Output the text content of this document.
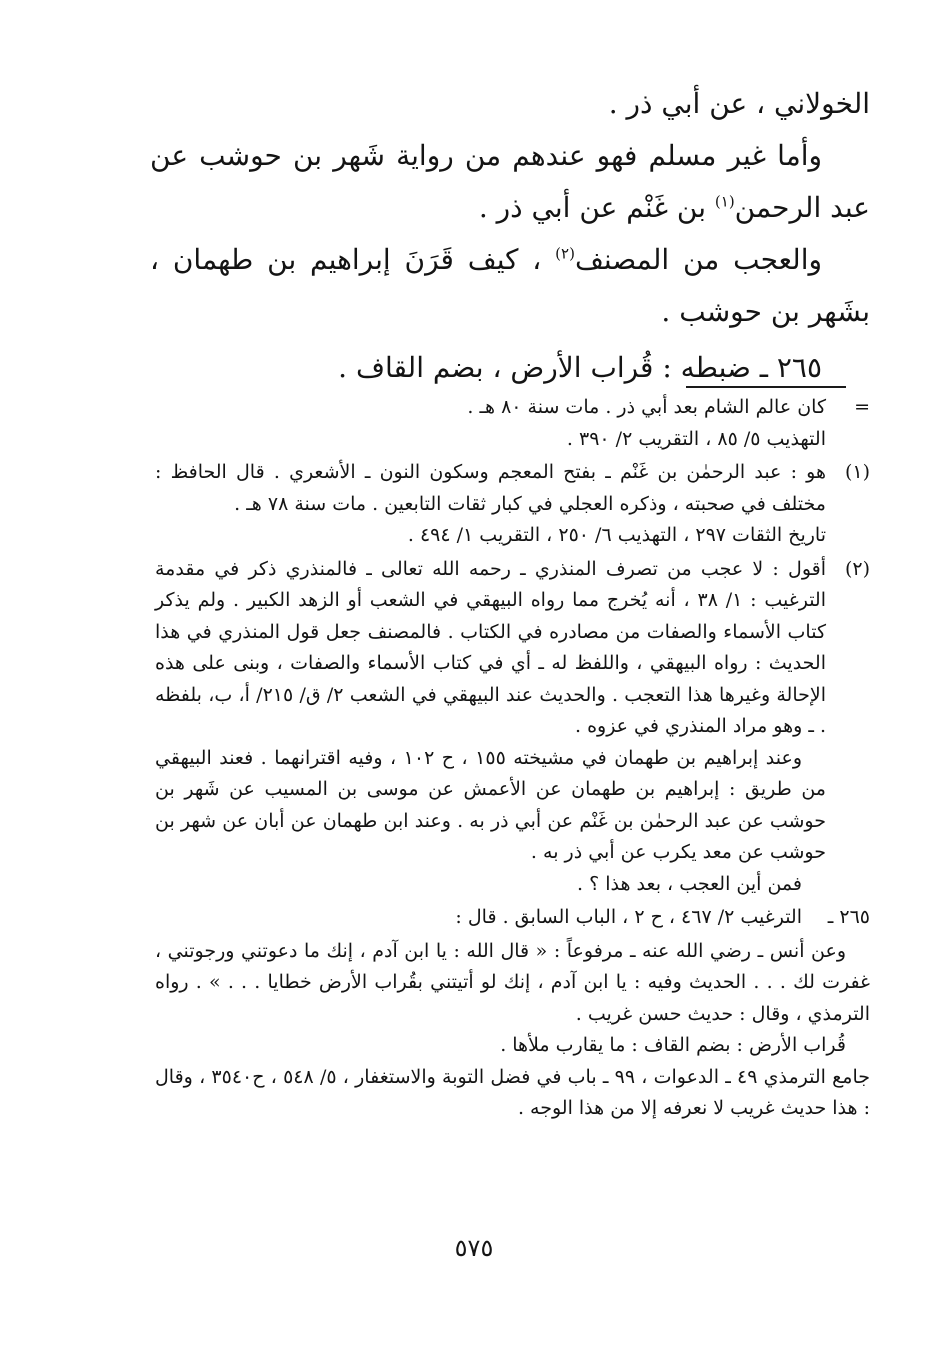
الخولاني ، عن أبي ذر .

وأما غير مسلم فهو عندهم من رواية شَهر بن حوشب عن عبد الرحمن$^{(١)}$ بن غَنْم عن أبي ذر .

والعجب من المصنف$^{(٢)}$ ، كيف قَرَنَ إبراهيم بن طهمان ، بشَهر بن حوشب .

٢٦٥ ـ ضبطه : قُراب الأرض ، بضم القاف .

=

كان عالم الشام بعد أبي ذر . مات سنة ٨٠ هـ .

التهذيب ٥/ ٨٥ ، التقريب ٢/ ٣٩٠ .

(١)

هو : عبد الرحمٰن بن غَنْم ـ بفتح المعجم وسكون النون ـ الأشعري . قال الحافظ : مختلف في صحبته ، وذكره العجلي في كبار ثقات التابعين . مات سنة ٧٨ هـ .

تاريخ الثقات ٢٩٧ ، التهذيب ٦/ ٢٥٠ ، التقريب ١/ ٤٩٤ .

(٢)

أقول : لا عجب من تصرف المنذري ـ رحمه الله تعالى ـ فالمنذري ذكر في مقدمة الترغيب : ١/ ٣٨ ، أنه يُخرج مما رواه البيهقي في الشعب أو الزهد الكبير . ولم يذكر كتاب الأسماء والصفات من مصادره في الكتاب . فالمصنف جعل قول المنذري في هذا الحديث : رواه البيهقي ، واللفظ له ـ أي في كتاب الأسماء والصفات ، وبنى على هذه الإحالة وغيرها هذا التعجب . والحديث عند البيهقي في الشعب ٢/ ق/ ٢١٥/ أ، ب، بلفظه . ـ وهو مراد المنذري في عزوه .

وعند إبراهيم بن طهمان في مشيخته ١٥٥ ، ح ١٠٢ ، وفيه اقترانهما . فعند البيهقي من طريق : إبراهيم بن طهمان عن الأعمش عن موسى بن المسيب عن شَهر بن حوشب عن عبد الرحمٰن بن غَنْم عن أبي ذر به . وعند ابن طهمان عن أبان عن شهر بن حوشب عن معد يكرب عن أبي ذر به .

فمن أين العجب ، بعد هذا ؟ .

٢٦٥ ـ

الترغيب ٢/ ٤٦٧ ، ح ٢ ، الباب السابق . قال :

وعن أنس ـ رضي الله عنه ـ مرفوعاً : « قال الله : يا ابن آدم ، إنك ما دعوتني ورجوتني ، غفرت لك . . . الحديث وفيه : يا ابن آدم ، إنك لو أتيتني بقُراب الأرض خطايا . . . » . رواه الترمذي ، وقال : حديث حسن غريب .

قُراب الأرض : بضم القاف : ما يقارب ملأها .

جامع الترمذي ٤٩ ـ الدعوات ، ٩٩ ـ باب في فضل التوبة والاستغفار ، ٥/ ٥٤٨ ، ح٣٥٤٠ ، وقال : هذا حديث غريب لا نعرفه إلا من هذا الوجه .

٥٧٥
